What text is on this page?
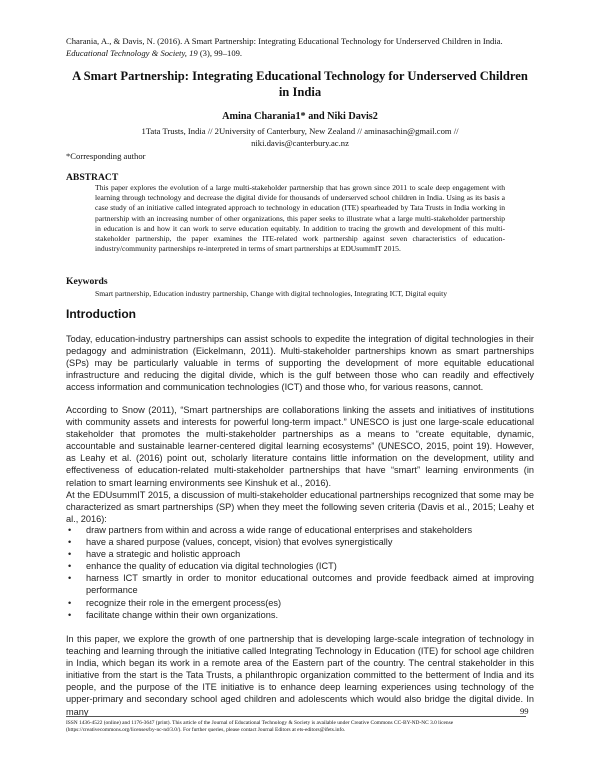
Charania, A., & Davis, N. (2016). A Smart Partnership: Integrating Educational Technology for Underserved Children in India.
Educational Technology & Society, 19 (3), 99–109.
A Smart Partnership: Integrating Educational Technology for Underserved Children in India
Amina Charania1* and Niki Davis2
1Tata Trusts, India // 2University of Canterbury, New Zealand // aminasachin@gmail.com // niki.davis@canterbury.ac.nz
*Corresponding author
ABSTRACT
This paper explores the evolution of a large multi-stakeholder partnership that has grown since 2011 to scale deep engagement with learning through technology and decrease the digital divide for thousands of underserved school children in India. Using as its basis a case study of an initiative called integrated approach to technology in education (ITE) spearheaded by Tata Trusts in India working in partnership with an increasing number of other organizations, this paper seeks to illustrate what a large multi-stakeholder partnership in education is and how it can work to serve education equitably. In addition to tracing the growth and development of this multi-stakeholder partnership, the paper examines the ITE-related work partnership against seven characteristics of education-industry/community partnerships re-interpreted in terms of smart partnerships at EDUsummIT 2015.
Keywords
Smart partnership, Education industry partnership, Change with digital technologies, Integrating ICT, Digital equity
Introduction
Today, education-industry partnerships can assist schools to expedite the integration of digital technologies in their pedagogy and administration (Eickelmann, 2011). Multi-stakeholder partnerships known as smart partnerships (SPs) may be particularly valuable in terms of supporting the development of more equitable educational infrastructure and reducing the digital divide, which is the gulf between those who can readily and effectively access information and communication technologies (ICT) and those who, for various reasons, cannot.
According to Snow (2011), “Smart partnerships are collaborations linking the assets and initiatives of institutions with community assets and interests for powerful long-term impact.” UNESCO is just one large-scale educational stakeholder that promotes the multi-stakeholder partnerships as a means to “create equitable, dynamic, accountable and sustainable learner-centered digital learning ecosystems” (UNESCO, 2015, point 19). However, as Leahy et al. (2016) point out, scholarly literature contains little information on the development, utility and effectiveness of education-related multi-stakeholder partnerships that have “smart” learning environments (in relation to smart learning environments see Kinshuk et al., 2016).
At the EDUsummIT 2015, a discussion of multi-stakeholder educational partnerships recognized that some may be characterized as smart partnerships (SP) when they meet the following seven criteria (Davis et al., 2015; Leahy et al., 2016):
• draw partners from within and across a wide range of educational enterprises and stakeholders
• have a shared purpose (values, concept, vision) that evolves synergistically
• have a strategic and holistic approach
• enhance the quality of education via digital technologies (ICT)
• harness ICT smartly in order to monitor educational outcomes and provide feedback aimed at improving performance
• recognize their role in the emergent process(es)
• facilitate change within their own organizations.
In this paper, we explore the growth of one partnership that is developing large-scale integration of technology in teaching and learning through the initiative called Integrating Technology in Education (ITE) for school age children in India, which began its work in a remote area of the Eastern part of the country. The central stakeholder in this initiative from the start is the Tata Trusts, a philanthropic organization committed to the betterment of India and its people, and the purpose of the ITE initiative is to enhance deep learning experiences using technology of the upper-primary and secondary school aged children and adolescents which would also bridge the digital divide. In many	99
ISSN 1436-4522 (online) and 1176-3647 (print). This article of the Journal of Educational Technology & Society is available under Creative Commons CC-BY-ND-NC 3.0 license (https://creativecommons.org/licenses/by-nc-nd/3.0/). For further queries, please contact Journal Editors at ets-editors@ifets.info.
